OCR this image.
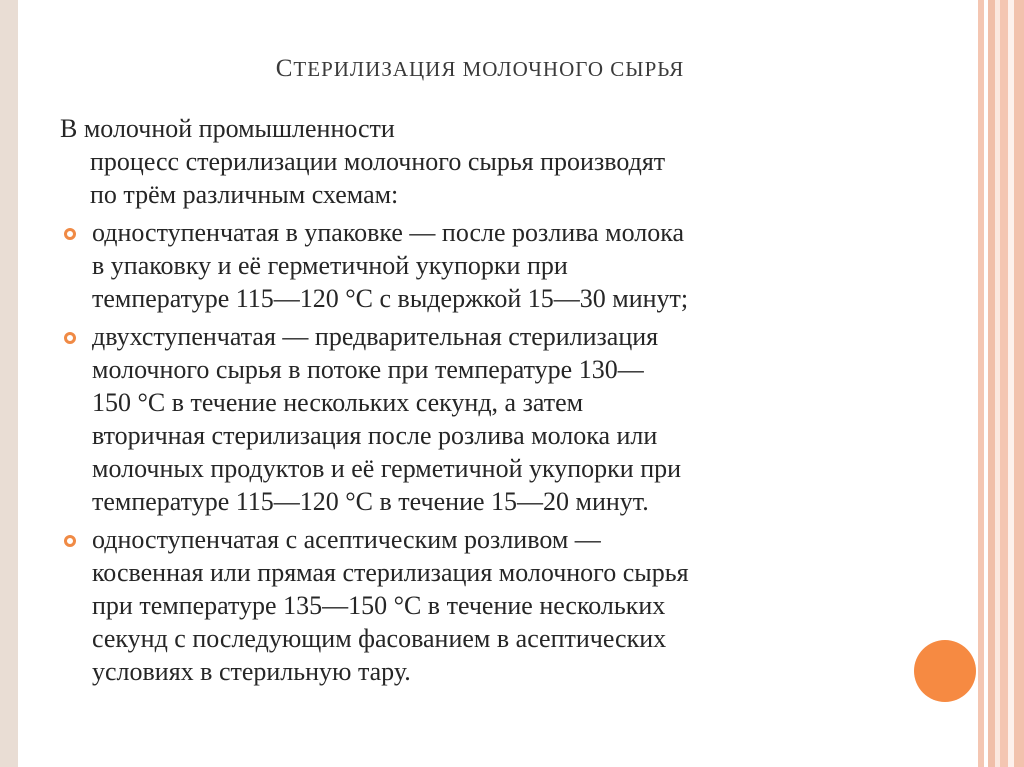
СТЕРИЛИЗАЦИЯ МОЛОЧНОГО СЫРЬЯ

В молочной промышленности

процесс стерилизации молочного сырья производят

по трём различным схемам:

одноступенчатая в упаковке — после розлива молока

в упаковку и её герметичной укупорки при

температуре 115—120 °C с выдержкой 15—30 минут;

двухступенчатая — предварительная стерилизация

молочного сырья в потоке при температуре 130—

150 °C в течение нескольких секунд, а затем

вторичная стерилизация после розлива молока или

молочных продуктов и её герметичной укупорки при

температуре 115—120 °C в течение 15—20 минут.

одноступенчатая с асептическим розливом —

косвенная или прямая стерилизация молочного сырья

при температуре 135—150 °C в течение нескольких

секунд с последующим фасованием в асептических

условиях в стерильную тару.
